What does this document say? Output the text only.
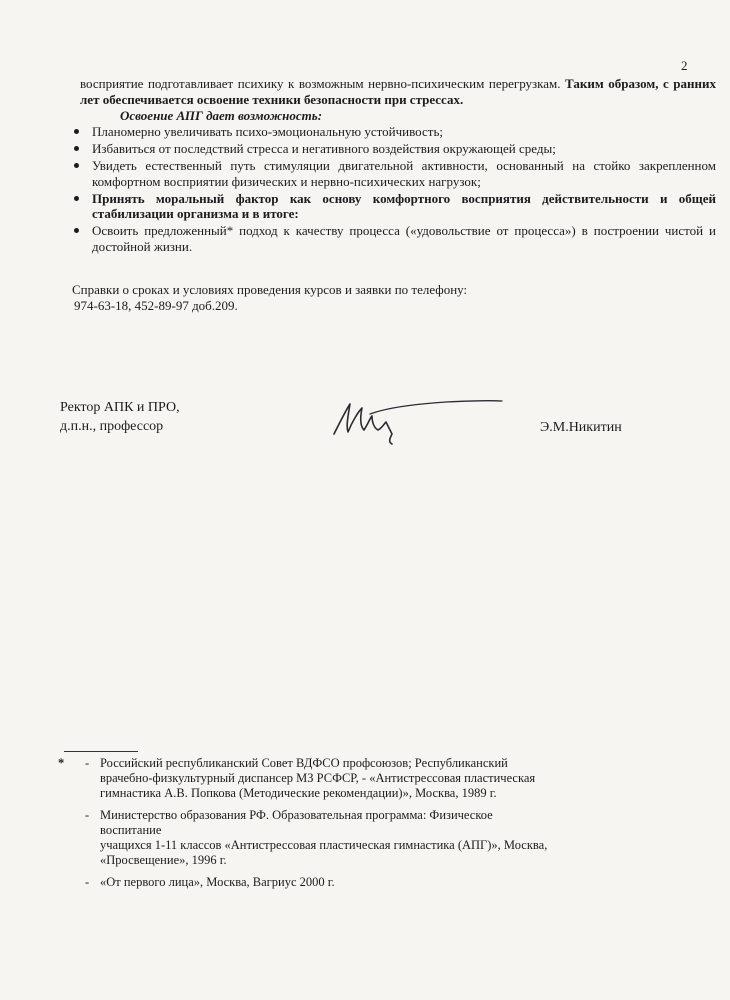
2
восприятие подготавливает психику к возможным нервно-психическим перегрузкам. Таким образом, с ранних лет обеспечивается освоение техники безопасности при стрессах.
Освоение АПГ дает возможность:
Планомерно увеличивать психо-эмоциональную устойчивость;
Избавиться от последствий стресса и негативного воздействия окружающей среды;
Увидеть естественный путь стимуляции двигательной активности, основанный на стойко закрепленном комфортном восприятии физических и нервно-психических нагрузок;
Принять моральный фактор как основу комфортного восприятия действительности и общей стабилизации организма и в итоге:
Освоить предложенный* подход к качеству процесса («удовольствие от процесса») в построении чистой и достойной жизни.
Справки о сроках и условиях проведения курсов и заявки по телефону:
974-63-18, 452-89-97 доб.209.
Ректор АПК и ПРО,
д.п.н., профессор	Э.М.Никитин
* - Российский республиканский Совет ВДФСО профсоюзов; Республиканский
врачебно-физкультурный диспансер МЗ РСФСР, - «Антистрессовая пластическая
гимнастика А.В. Попкова (Методические рекомендации)», Москва, 1989 г.
- Министерство образования РФ. Образовательная программа: Физическое
воспитание
учащихся 1-11 классов «Антистрессовая пластическая гимнастика (АПГ)», Москва,
«Просвещение», 1996 г.
- «От первого лица», Москва, Вагриус 2000 г.
